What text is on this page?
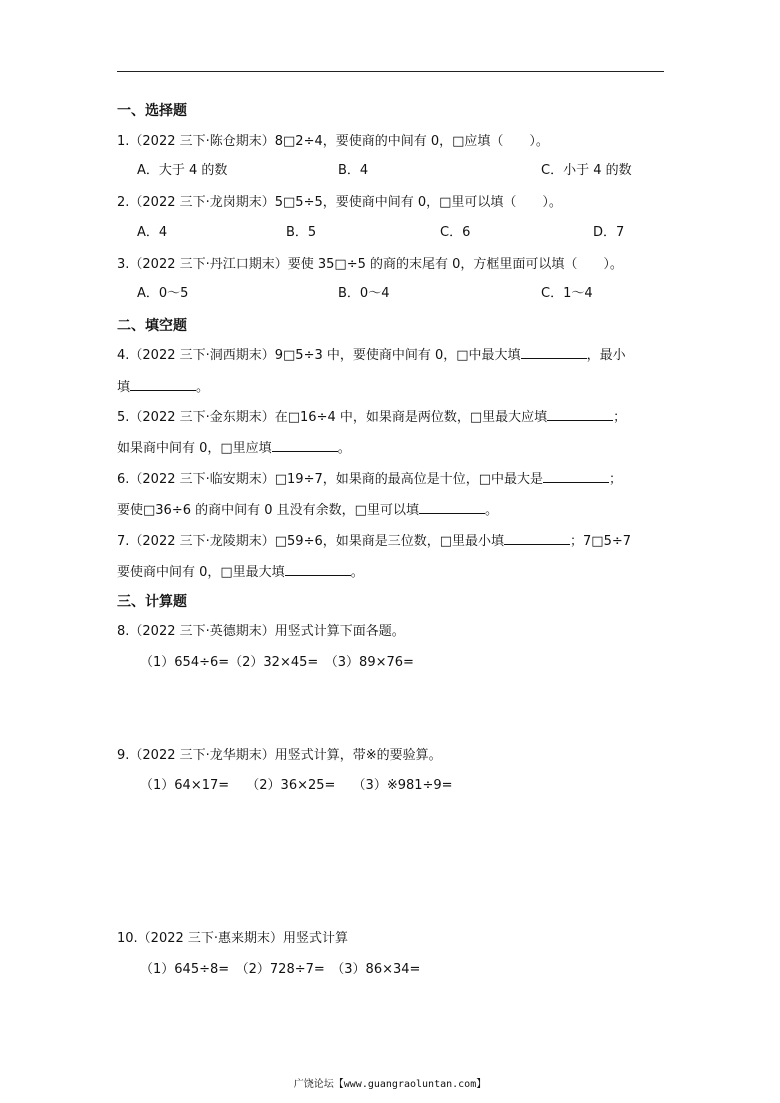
一、选择题
1.（2022 三下·陈仓期末）8□2÷4，要使商的中间有 0，□应填（　　）。
A．大于 4 的数	B．4	C．小于 4 的数
2.（2022 三下·龙岗期末）5□5÷5，要使商中间有 0，□里可以填（　　）。
A．4	B．5	C．6	D．7
3.（2022 三下·丹江口期末）要使 35□÷5 的商的末尾有 0，方框里面可以填（　　）。
A．0～5	B．0～4	C．1～4
二、填空题
4.（2022 三下·洞西期末）9□5÷3 中，要使商中间有 0，□中最大填	，最小
填	。
5.（2022 三下·金东期末）在□16÷4 中，如果商是两位数，□里最大应填	；
如果商中间有 0，□里应填	。
6.（2022 三下·临安期末）□19÷7，如果商的最高位是十位，□中最大是	；
要使□36÷6 的商中间有 0 且没有余数，□里可以填	。
7.（2022 三下·龙陵期末）□59÷6，如果商是三位数，□里最小填	；7□5÷7
要使商中间有 0，□里最大填	。
三、计算题
8.（2022 三下·英德期末）用竖式计算下面各题。
（1）654÷6=（2）32×45=　（3）89×76=
9.（2022 三下·龙华期末）用竖式计算，带※的要验算。
（1）64×17=　 （2）36×25=　 （3）※981÷9=
10.（2022 三下·惠来期末）用竖式计算
（1）645÷8=　（2）728÷7=　（3）86×34=
广饶论坛【www.guangraoluntan.com】
